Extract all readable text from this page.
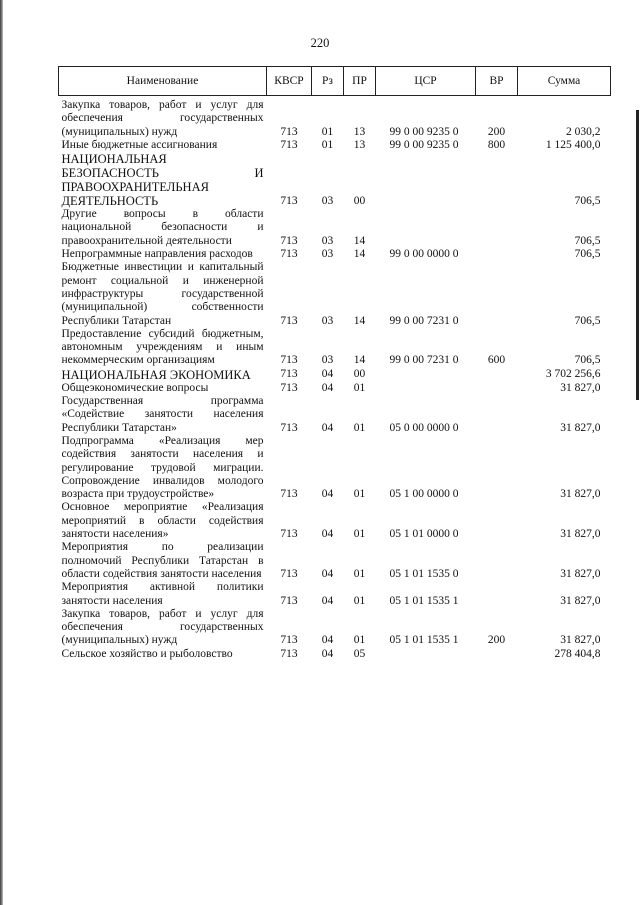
220
Наименование	КВСР	Рз	ПР	ЦСР	ВР	Сумма
Закупка товаров, работ и услуг для обеспечения государственных (муниципальных) нужд	713	01	13	99 0 00 9235 0	200	2 030,2
Иные бюджетные ассигнования	713	01	13	99 0 00 9235 0	800	1 125 400,0
НАЦИОНАЛЬНАЯ БЕЗОПАСНОСТЬ И ПРАВООХРАНИТЕЛЬНАЯ ДЕЯТЕЛЬНОСТЬ	713	03	00			706,5
Другие вопросы в области национальной безопасности и правоохранительной деятельности	713	03	14			706,5
Непрограммные направления расходов	713	03	14	99 0 00 0000 0		706,5
Бюджетные инвестиции и капитальный ремонт социальной и инженерной инфраструктуры государственной (муниципальной) собственности Республики Татарстан	713	03	14	99 0 00 7231 0		706,5
Предоставление субсидий бюджетным, автономным учреждениям и иным некоммерческим организациям	713	03	14	99 0 00 7231 0	600	706,5
НАЦИОНАЛЬНАЯ ЭКОНОМИКА	713	04	00			3 702 256,6
Общеэкономические вопросы	713	04	01			31 827,0
Государственная программа «Содействие занятости населения Республики Татарстан»	713	04	01	05 0 00 0000 0		31 827,0
Подпрограмма «Реализация мер содействия занятости населения и регулирование трудовой миграции. Сопровождение инвалидов молодого возраста при трудоустройстве»	713	04	01	05 1 00 0000 0		31 827,0
Основное мероприятие «Реализация мероприятий в области содействия занятости населения»	713	04	01	05 1 01 0000 0		31 827,0
Мероприятия по реализации полномочий Республики Татарстан в области содействия занятости населения	713	04	01	05 1 01 1535 0		31 827,0
Мероприятия активной политики занятости населения	713	04	01	05 1 01 1535 1		31 827,0
Закупка товаров, работ и услуг для обеспечения государственных (муниципальных) нужд	713	04	01	05 1 01 1535 1	200	31 827,0
Сельское хозяйство и рыболовство	713	04	05			278 404,8
